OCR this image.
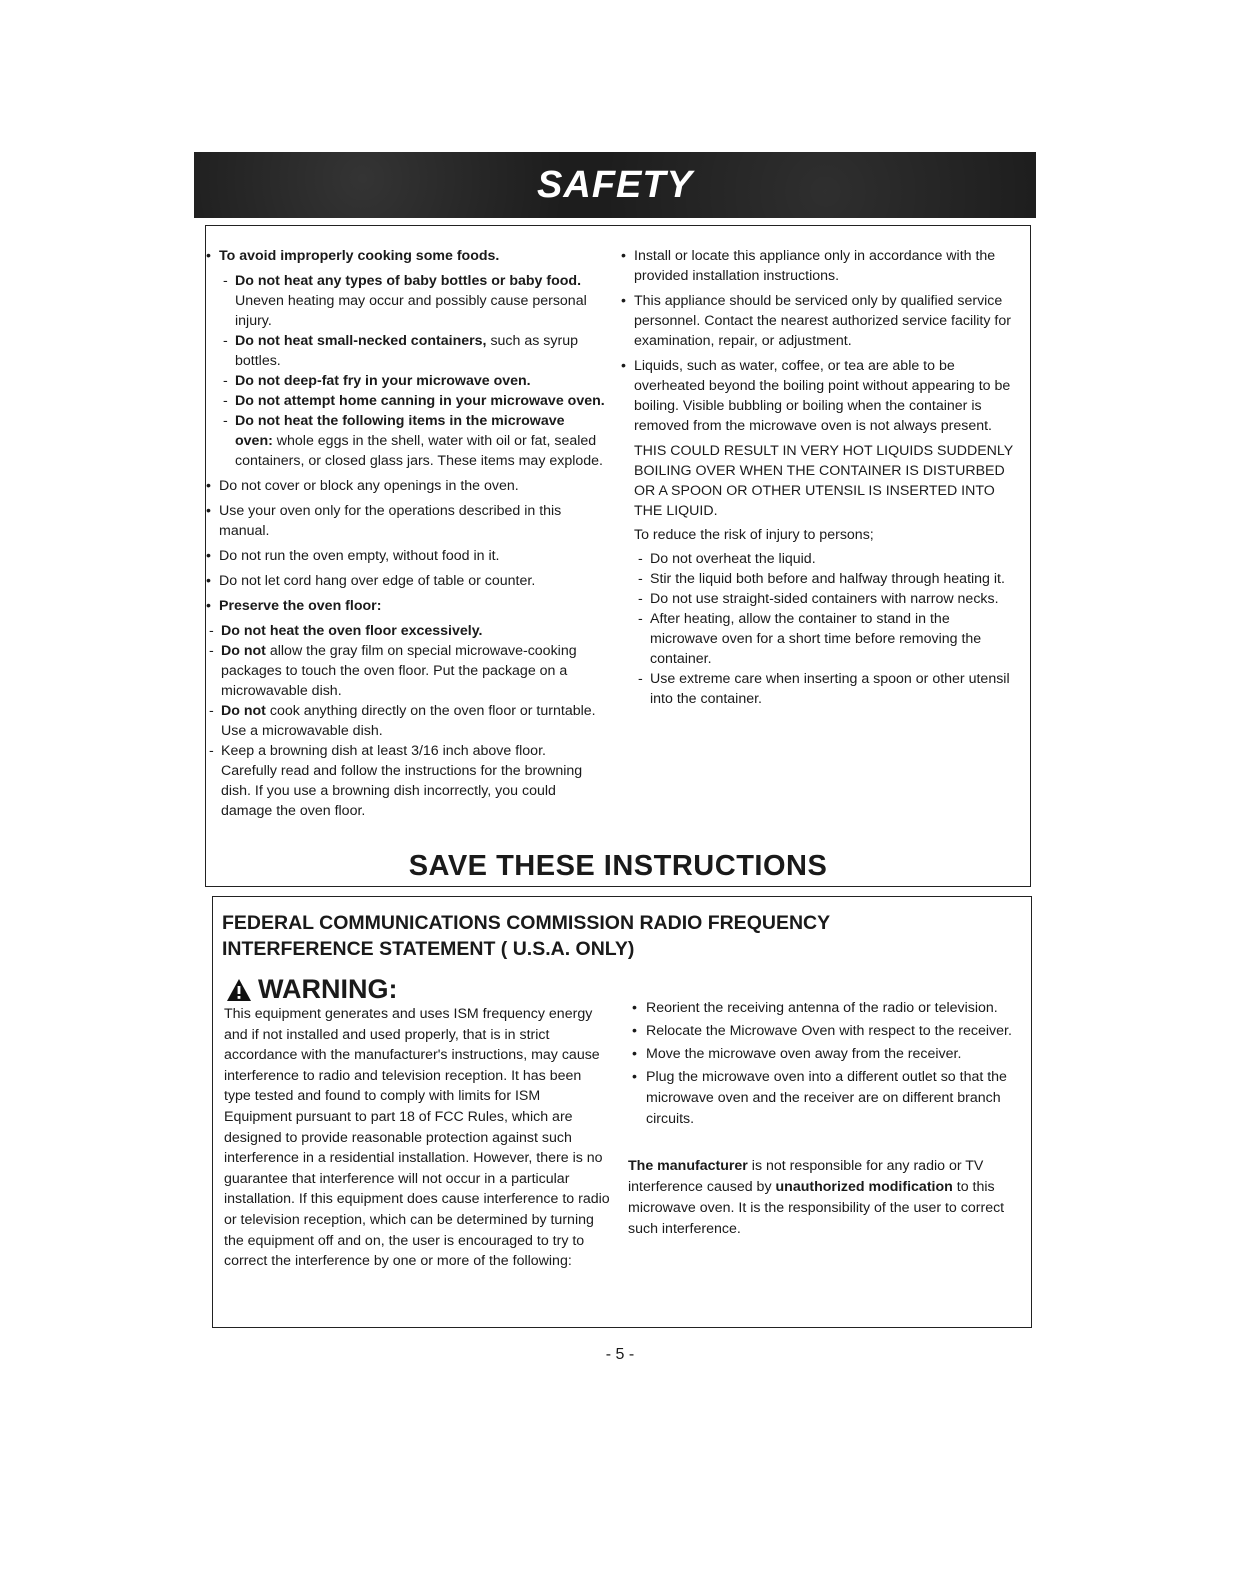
SAFETY
• To avoid improperly cooking some foods.
- Do not heat any types of baby bottles or baby food. Uneven heating may occur and possibly cause personal injury.
- Do not heat small-necked containers, such as syrup bottles.
- Do not deep-fat fry in your microwave oven.
- Do not attempt home canning in your microwave oven.
- Do not heat the following items in the microwave oven: whole eggs in the shell, water with oil or fat, sealed containers, or closed glass jars. These items may explode.
• Do not cover or block any openings in the oven.
• Use your oven only for the operations described in this manual.
• Do not run the oven empty, without food in it.
• Do not let cord hang over edge of table or counter.
• Preserve the oven floor:
- Do not heat the oven floor excessively.
- Do not allow the gray film on special microwave-cooking packages to touch the oven floor. Put the package on a microwavable dish.
- Do not cook anything directly on the oven floor or turntable. Use a microwavable dish.
- Keep a browning dish at least 3/16 inch above floor. Carefully read and follow the instructions for the browning dish. If you use a browning dish incorrectly, you could damage the oven floor.
• Install or locate this appliance only in accordance with the provided installation instructions.
• This appliance should be serviced only by qualified service personnel. Contact the nearest authorized service facility for examination, repair, or adjustment.
• Liquids, such as water, coffee, or tea are able to be overheated beyond the boiling point without appearing to be boiling. Visible bubbling or boiling when the container is removed from the microwave oven is not always present.
THIS COULD RESULT IN VERY HOT LIQUIDS SUDDENLY BOILING OVER WHEN THE CONTAINER IS DISTURBED OR A SPOON OR OTHER UTENSIL IS INSERTED INTO THE LIQUID.
To reduce the risk of injury to persons;
- Do not overheat the liquid.
- Stir the liquid both before and halfway through heating it.
- Do not use straight-sided containers with narrow necks.
- After heating, allow the container to stand in the microwave oven for a short time before removing the container.
- Use extreme care when inserting a spoon or other utensil into the container.
SAVE THESE INSTRUCTIONS
FEDERAL COMMUNICATIONS COMMISSION RADIO FREQUENCY
INTERFERENCE STATEMENT ( U.S.A. ONLY)
WARNING:
This equipment generates and uses ISM frequency energy and if not installed and used properly, that is in strict accordance with the manufacturer's instructions, may cause interference to radio and television reception. It has been type tested and found to comply with limits for ISM Equipment pursuant to part 18 of FCC Rules, which are designed to provide reasonable protection against such interference in a residential installation. However, there is no guarantee that interference will not occur in a particular installation. If this equipment does cause interference to radio or television reception, which can be determined by turning the equipment off and on, the user is encouraged to try to correct the interference by one or more of the following:
• Reorient the receiving antenna of the radio or television.
• Relocate the Microwave Oven with respect to the receiver.
• Move the microwave oven away from the receiver.
• Plug the microwave oven into a different outlet so that the microwave oven and the receiver are on different branch circuits.
The manufacturer is not responsible for any radio or TV interference caused by unauthorized modification to this microwave oven. It is the responsibility of the user to correct such interference.
- 5 -
